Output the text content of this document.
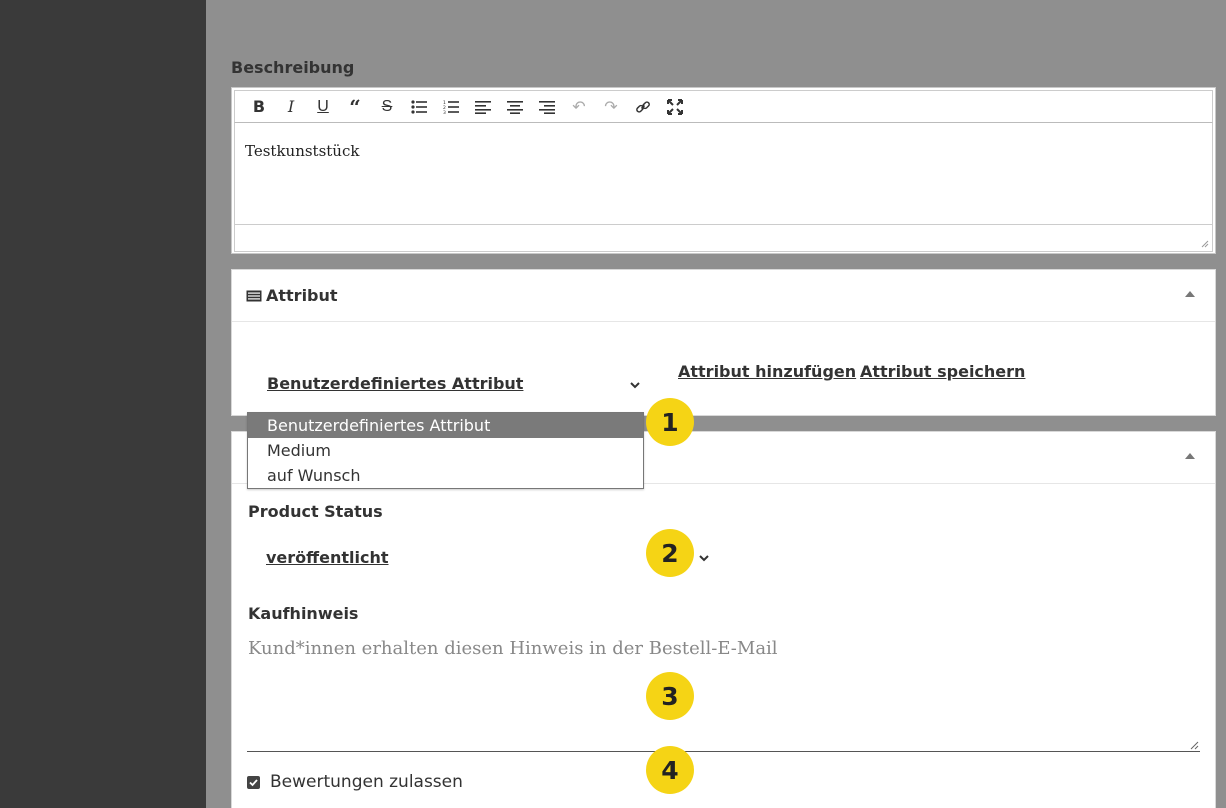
Beschreibung
B	I	U	“	S	1
2
3	↶	↷
Testkunststück
Attribut
Benutzerdefiniertes Attribut
Attribut hinzufügen Attribut speichern
Product Status
veröffentlicht
Kaufhinweis
Kund*innen erhalten diesen Hinweis in der Bestell-E-Mail
Bewertungen zulassen
Benutzerdefiniertes Attribut
Medium
auf Wunsch
1
2
3
4
